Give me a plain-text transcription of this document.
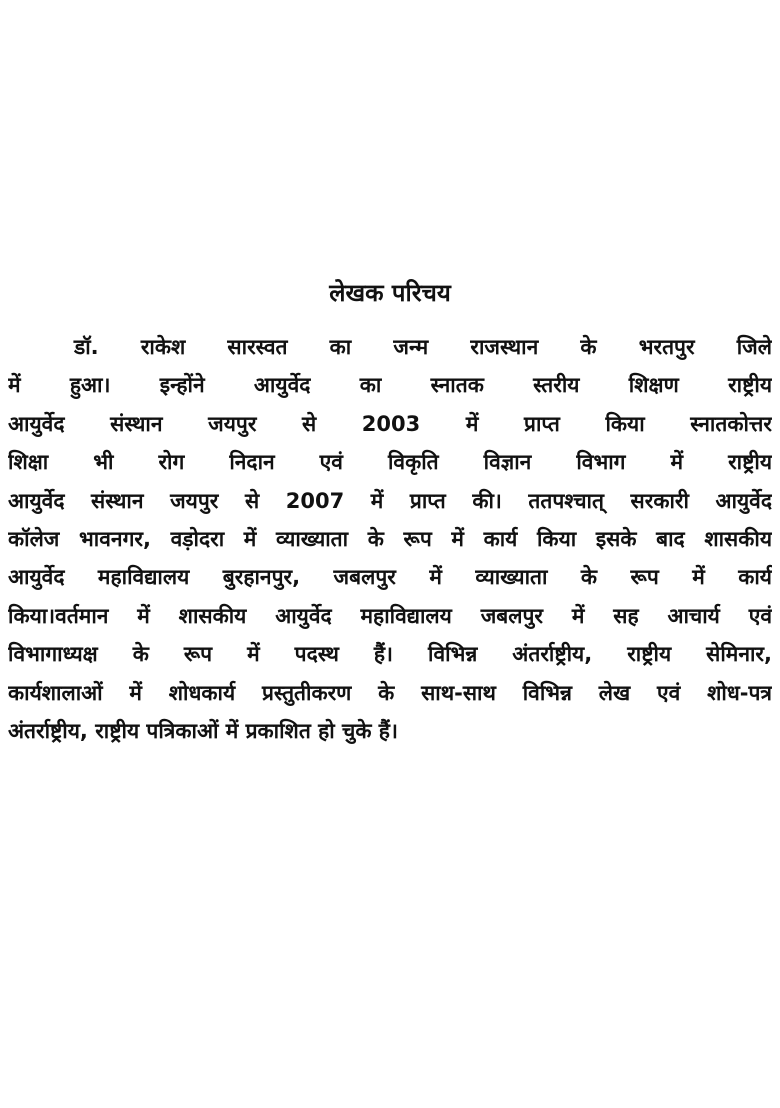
लेखक परिचय
डॉ. राकेश सारस्वत का जन्म राजस्थान के भरतपुर जिले
में हुआ। इन्होंने आयुर्वेद का स्नातक स्तरीय शिक्षण राष्ट्रीय
आयुर्वेद संस्थान जयपुर से 2003 में प्राप्त किया स्नातकोत्तर
शिक्षा भी रोग निदान एवं विकृति विज्ञान विभाग में राष्ट्रीय
आयुर्वेद संस्थान जयपुर से 2007 में प्राप्त की। ततपश्चात् सरकारी आयुर्वेद
कॉलेज भावनगर, वड़ोदरा में व्याख्याता के रूप में कार्य किया इसके बाद शासकीय
आयुर्वेद महाविद्यालय बुरहानपुर, जबलपुर में व्याख्याता के रूप में कार्य
किया।वर्तमान में शासकीय आयुर्वेद महाविद्यालय जबलपुर में सह आचार्य एवं
विभागाध्यक्ष के रूप में पदस्थ हैं। विभिन्न अंतर्राष्ट्रीय, राष्ट्रीय सेमिनार,
कार्यशालाओं में शोधकार्य प्रस्तुतीकरण के साथ-साथ विभिन्न लेख एवं शोध-पत्र
अंतर्राष्ट्रीय, राष्ट्रीय पत्रिकाओं में प्रकाशित हो चुके हैं।
